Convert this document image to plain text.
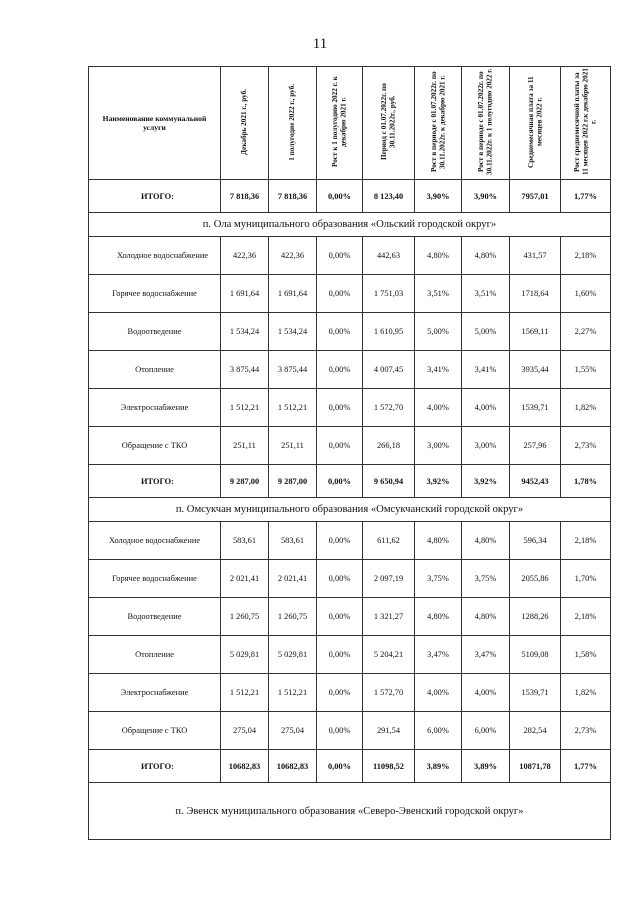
11
Наименование коммунальной услуги	Декабрь 2021 г., руб.	1 полугодие 2022 г., руб.	Рост к 1 полугодию 2022 г. к декабрю 2021 г.	Период с 01.07.2022г. по 30.11.2022г., руб.	Рост в периоде с 01.07.2022г. по 30.11.2022г. к декабрю 2021 г.	Рост в периоде с 01.07.2022г. по 30.11.2022г. к 1 полугодию 2022 г.	Среднемесячная плата за 11 месяцев 2022 г.	Рост среднемесячной платы за 11 месяцев 2022 г.к декабрю 2021 г.
ИТОГО:	7 818,36	7 818,36	0,00%	8 123,40	3,90%	3,90%	7957,01	1,77%
п. Ола муниципального образования «Ольский городской округ»								
Холодное водоснабжение	422,36	422,36	0,00%	442,63	4,80%	4,80%	431,57	2,18%
Горячее водоснабжение	1 691,64	1 691,64	0,00%	1 751,03	3,51%	3,51%	1718,64	1,60%
Водоотведение	1 534,24	1 534,24	0,00%	1 610,95	5,00%	5,00%	1569,11	2,27%
Отопление	3 875,44	3 875,44	0,00%	4 007,45	3,41%	3,41%	3935,44	1,55%
Электроснабжение	1 512,21	1 512,21	0,00%	1 572,70	4,00%	4,00%	1539,71	1,82%
Обращение с ТКО	251,11	251,11	0,00%	266,18	3,00%	3,00%	257,96	2,73%
ИТОГО:	9 287,00	9 287,00	0,00%	9 650,94	3,92%	3,92%	9452,43	1,78%
п. Омсукчан муниципального образования «Омсукчанский городской округ»								
Холодное водоснабжение	583,61	583,61	0,00%	611,62	4,80%	4,80%	596,34	2,18%
Горячее водоснабжение	2 021,41	2 021,41	0,00%	2 097,19	3,75%	3,75%	2055,86	1,70%
Водоотведение	1 260,75	1 260,75	0,00%	1 321,27	4,80%	4,80%	1288,26	2,18%
Отопление	5 029,81	5 029,81	0,00%	5 204,21	3,47%	3,47%	5109,08	1,58%
Электроснабжение	1 512,21	1 512,21	0,00%	1 572,70	4,00%	4,00%	1539,71	1,82%
Обращение с ТКО	275,04	275,04	0,00%	291,54	6,00%	6,00%	282,54	2,73%
ИТОГО:	10682,83	10682,83	0,00%	11098,52	3,89%	3,89%	10871,78	1,77%
п. Эвенск муниципального образования «Северо-Эвенский городской округ»								
